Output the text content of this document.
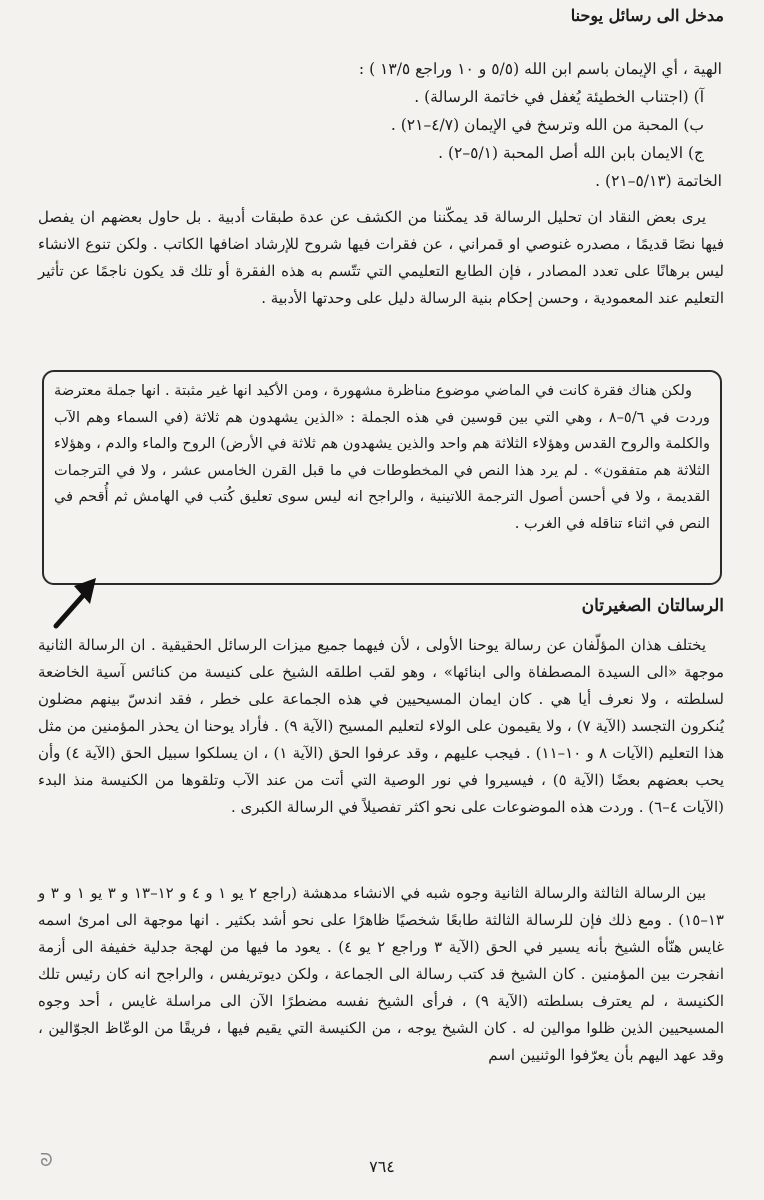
مدخل الى رسائل يوحنا
الهية ، أي الإيمان باسم ابن الله (٥/٥ و ١٠ وراجع ١٣/٥ ) :
آ) (اجتناب الخطيئة يُغفل في خاتمة الرسالة) .
ب) المحبة من الله وترسخ في الإيمان (٤/٧–٢١) .
ج) الايمان بابن الله أصل المحبة (٥/١–٢) .
الخاتمة (٥/١٣–٢١) .
يرى بعض النقاد ان تحليل الرسالة قد يمكّننا من الكشف عن عدة طبقات أدبية . بل حاول بعضهم ان يفصل فيها نصًا قديمًا ، مصدره غنوصي او قمراني ، عن فقرات فيها شروح للإرشاد اضافها الكاتب . ولكن تنوع الانشاء ليس برهانًا على تعدد المصادر ، فإن الطابع التعليمي التي تتّسم به هذه الفقرة أو تلك قد يكون ناجمًا عن تأثير التعليم عند المعمودية ، وحسن إحكام بنية الرسالة دليل على وحدتها الأدبية .
ولكن هناك فقرة كانت في الماضي موضوع مناظرة مشهورة ، ومن الأكيد انها غير مثبتة . انها جملة معترضة وردت في ٥/٦–٨ ، وهي التي بين قوسين في هذه الجملة : «الذين يشهدون هم ثلاثة (في السماء وهم الآب والكلمة والروح القدس وهؤلاء الثلاثة هم واحد والذين يشهدون هم ثلاثة في الأرض) الروح والماء والدم ، وهؤلاء الثلاثة هم متفقون» . لم يرد هذا النص في المخطوطات في ما قبل القرن الخامس عشر ، ولا في الترجمات القديمة ، ولا في أحسن أصول الترجمة اللاتينية ، والراجح انه ليس سوى تعليق كُتب في الهامش ثم أُقحم في النص في اثناء تناقله في الغرب .
الرسالتان الصغيرتان
يختلف هذان المؤلّفان عن رسالة يوحنا الأولى ، لأن فيهما جميع ميزات الرسائل الحقيقية . ان الرسالة الثانية موجهة «الى السيدة المصطفاة والى ابنائها» ، وهو لقب اطلقه الشيخ على كنيسة من كنائس آسية الخاضعة لسلطته ، ولا نعرف أيا هي . كان ايمان المسيحيين في هذه الجماعة على خطر ، فقد اندسّ بينهم مضلون يُنكرون التجسد (الآية ٧) ، ولا يقيمون على الولاء لتعليم المسيح (الآية ٩) . فأراد يوحنا ان يحذر المؤمنين من مثل هذا التعليم (الآيات ٨ و ١٠–١١) . فيجب عليهم ، وقد عرفوا الحق (الآية ١) ، ان يسلكوا سبيل الحق (الآية ٤) وأن يحب بعضهم بعضًا (الآية ٥) ، فيسيروا في نور الوصية التي أتت من عند الآب وتلقوها من الكنيسة منذ البدء (الآيات ٤–٦) . وردت هذه الموضوعات على نحو اكثر تفصيلاً في الرسالة الكبرى .
بين الرسالة الثالثة والرسالة الثانية وجوه شبه في الانشاء مدهشة (راجع ٢ يو ١ و ٤ و ١٢–١٣ و ٣ يو ١ و ٣ و ١٣–١٥) . ومع ذلك فإن للرسالة الثالثة طابعًا شخصيًا ظاهرًا على نحو أشد بكثير . انها موجهة الى امرئ اسمه غايس هنّأه الشيخ بأنه يسير في الحق (الآية ٣ وراجع ٢ يو ٤) . يعود ما فيها من لهجة جدلية خفيفة الى أزمة انفجرت بين المؤمنين . كان الشيخ قد كتب رسالة الى الجماعة ، ولكن ديوتريفس ، والراجح انه كان رئيس تلك الكنيسة ، لم يعترف بسلطته (الآية ٩) ، فرأى الشيخ نفسه مضطرًا الآن الى مراسلة غايس ، أحد وجوه المسيحيين الذين ظلوا موالين له . كان الشيخ يوجه ، من الكنيسة التي يقيم فيها ، فريقًا من الوعّاظ الجوّالين ، وقد عهد اليهم بأن يعرّفوا الوثنيين اسم
ᘐ	٧٦٤
